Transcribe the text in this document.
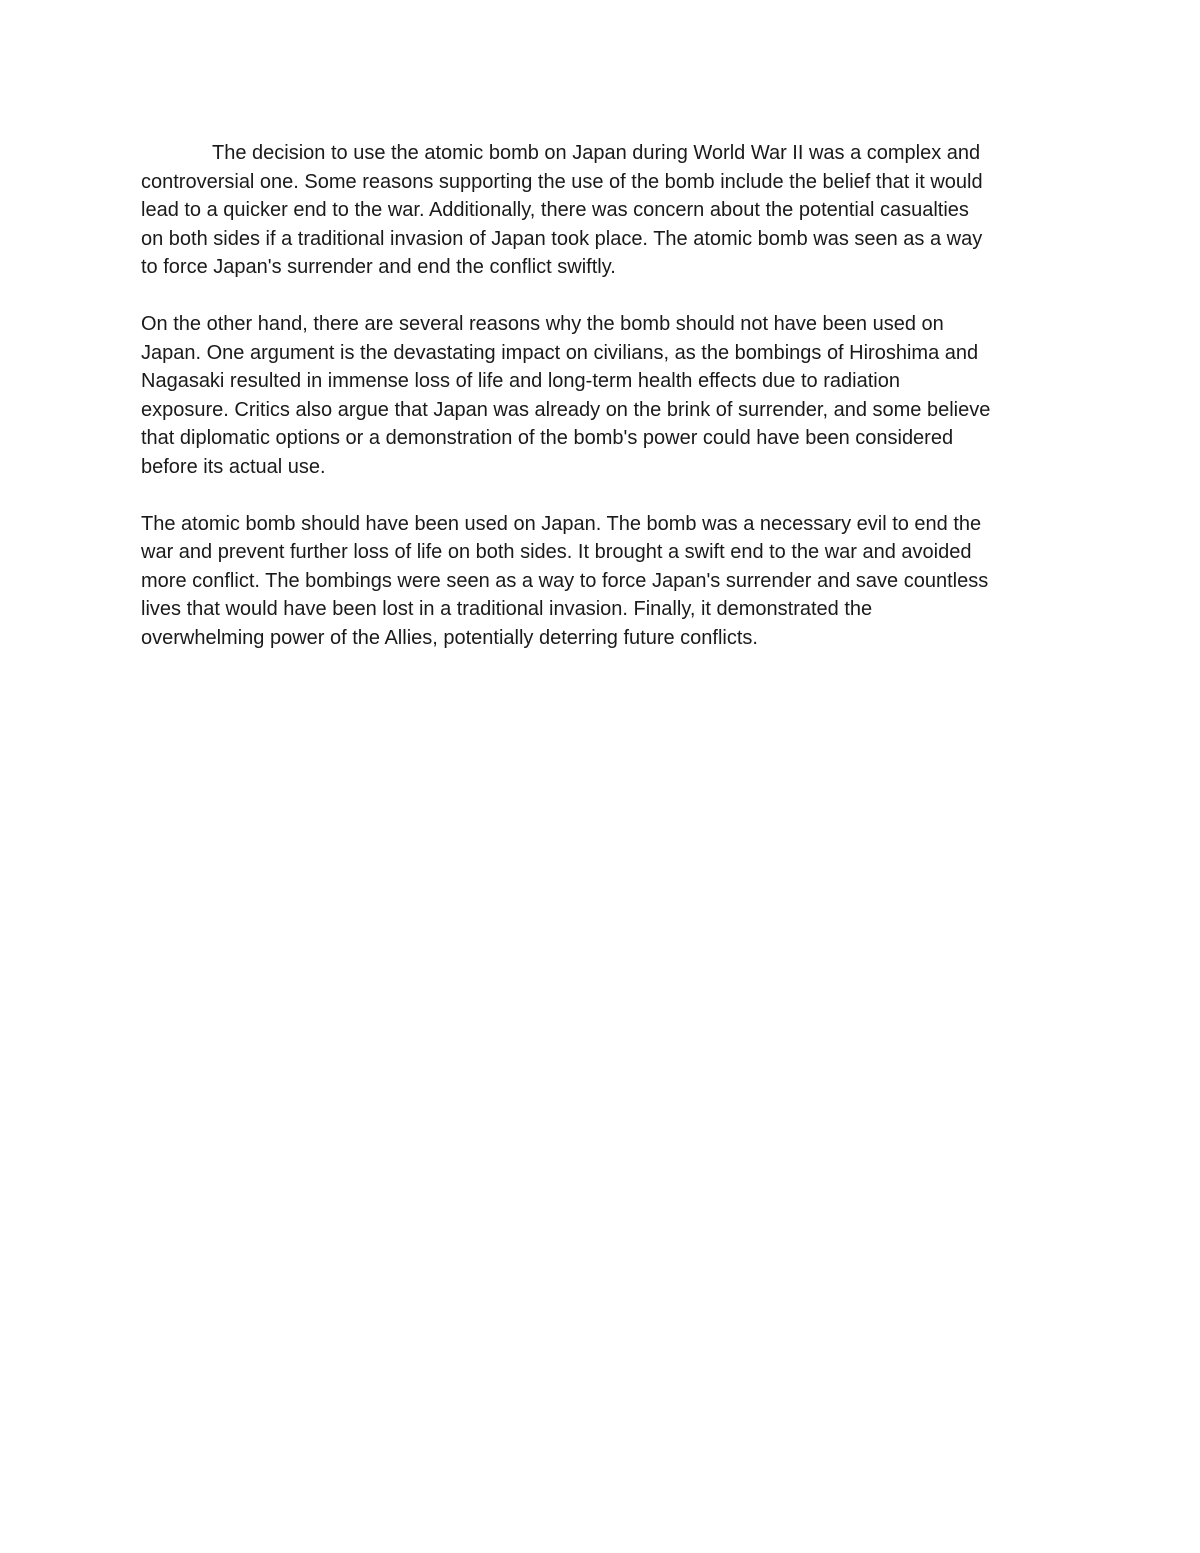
The decision to use the atomic bomb on Japan during World War II was a complex and
controversial one. Some reasons supporting the use of the bomb include the belief that it would
lead to a quicker end to the war. Additionally, there was concern about the potential casualties
on both sides if a traditional invasion of Japan took place. The atomic bomb was seen as a way
to force Japan's surrender and end the conflict swiftly.

On the other hand, there are several reasons why the bomb should not have been used on
Japan. One argument is the devastating impact on civilians, as the bombings of Hiroshima and
Nagasaki resulted in immense loss of life and long-term health effects due to radiation
exposure. Critics also argue that Japan was already on the brink of surrender, and some believe
that diplomatic options or a demonstration of the bomb's power could have been considered
before its actual use.

The atomic bomb should have been used on Japan. The bomb was a necessary evil to end the
war and prevent further loss of life on both sides. It brought a swift end to the war and avoided
more conflict. The bombings were seen as a way to force Japan's surrender and save countless
lives that would have been lost in a traditional invasion. Finally, it demonstrated the
overwhelming power of the Allies, potentially deterring future conflicts.
